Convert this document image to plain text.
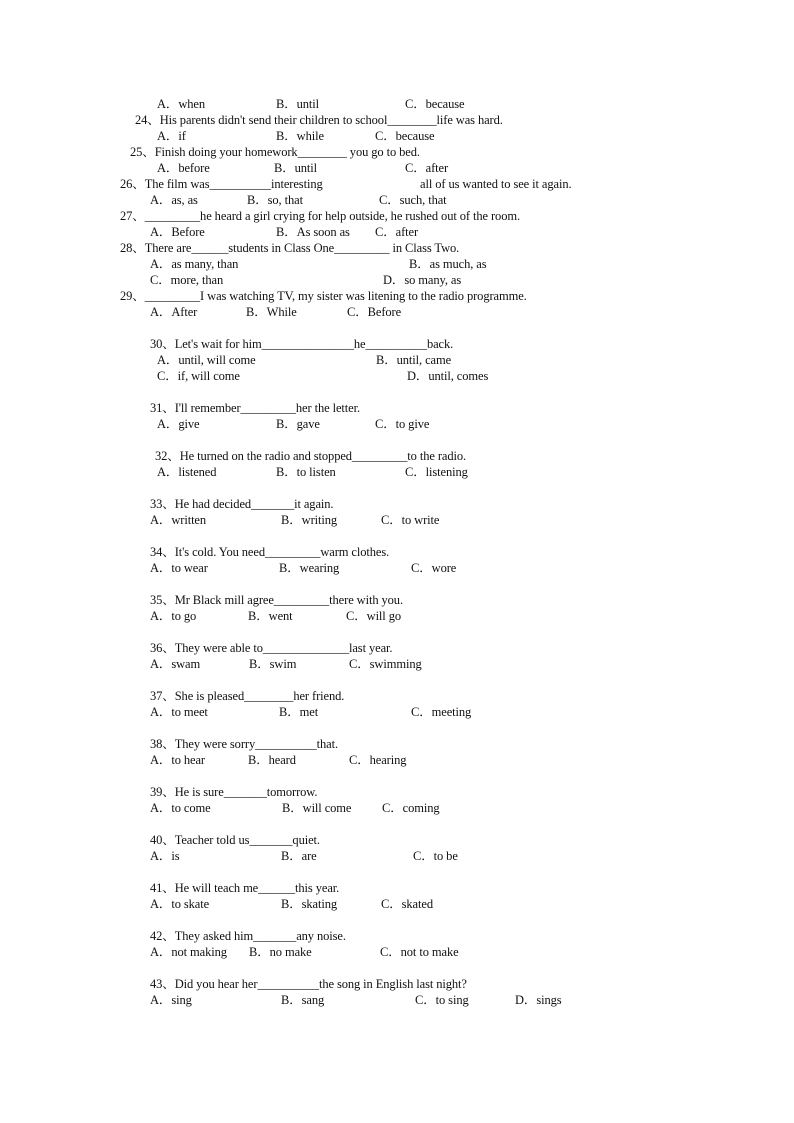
A．when	B．until	C．because
24、His parents didn't send their children to school________life was hard.
A．if	B．while	C．because
25、Finish doing your homework________ you go to bed.
A．before	B．until	C．after
26、The film was__________interesting	all of us wanted to see it again.
A．as, as	B．so, that	C．such, that
27、_________he heard a girl crying for help outside, he rushed out of the room.
A．Before	B．As soon as C．after
28、There are______students in Class One_________ in Class Two.
A．as many, than	B．as much, as
C．more, than	D．so many, as
29、_________I was watching TV, my sister was litening to the radio programme.
A．After	B．While	C．Before
30、Let's wait for him_______________he__________back.
A．until, will come	B．until, came
C．if, will come	D．until, comes
31、I'll remember_________her the letter.
A．give	B．gave	C．to give
32、He turned on the radio and stopped_________to the radio.
A．listened	B．to listen	C．listening
33、He had decided_______it again.
A．written	B．writing	C．to write
34、It's cold. You need_________warm clothes.
A．to wear	B．wearing	C．wore
35、Mr Black mill agree_________there with you.
A．to go	B．went	C．will go
36、They were able to______________last year.
A．swam	B．swim	C．swimming
37、She is pleased________her friend.
A．to meet	B．met	C．meeting
38、They were sorry__________that.
A．to hear	B．heard	C．hearing
39、He is sure_______tomorrow.
A．to come	B．will come C．coming
40、Teacher told us_______quiet.
A．is	B．are	C．to be
41、He will teach me______this year.
A．to skate	B．skating	C．skated
42、They asked him_______any noise.
A．not making B．no make	C．not to make
43、Did you hear her__________the song in English last night?
A．sing	B．sang	C．to sing	D．sings
